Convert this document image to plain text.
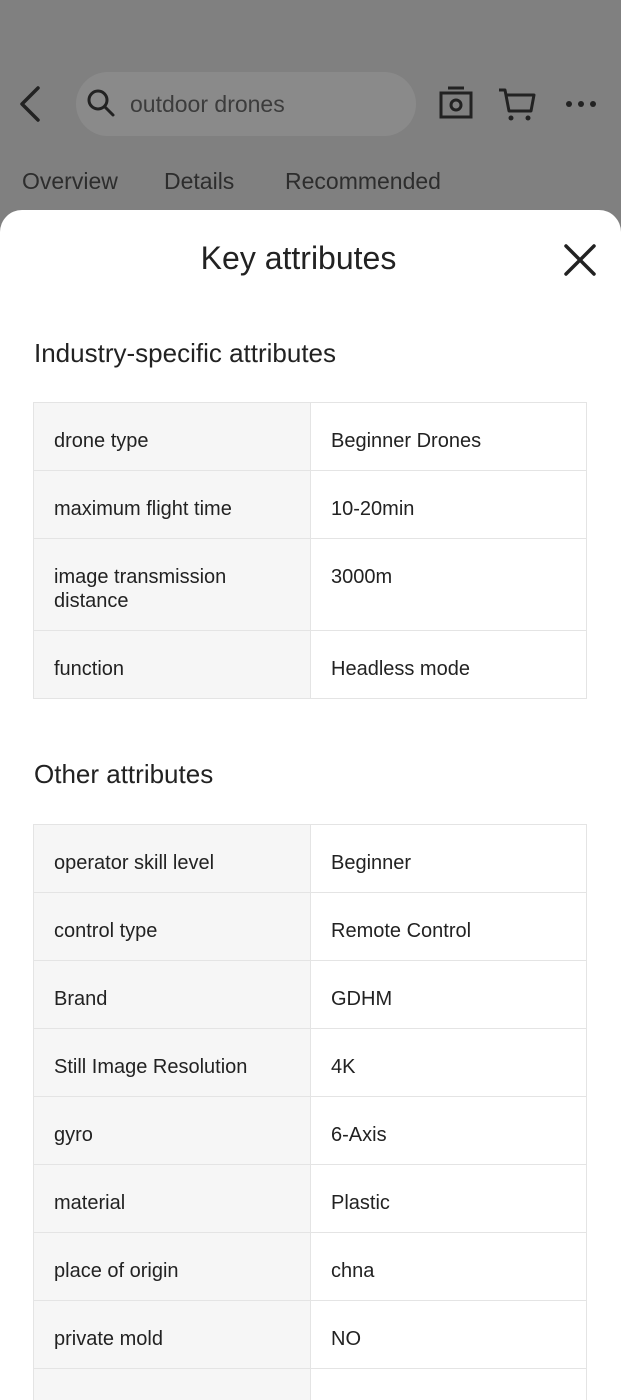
outdoor drones
Overview Details Recommended
Key attributes
Industry-specific attributes
drone type	Beginner Drones
maximum flight time	10-20min
image transmission distance	3000m
function	Headless mode
Other attributes
operator skill level	Beginner
control type	Remote Control
Brand	GDHM
Still Image Resolution	4K
gyro	6-Axis
material	Plastic
place of origin	chna
private mold	NO
